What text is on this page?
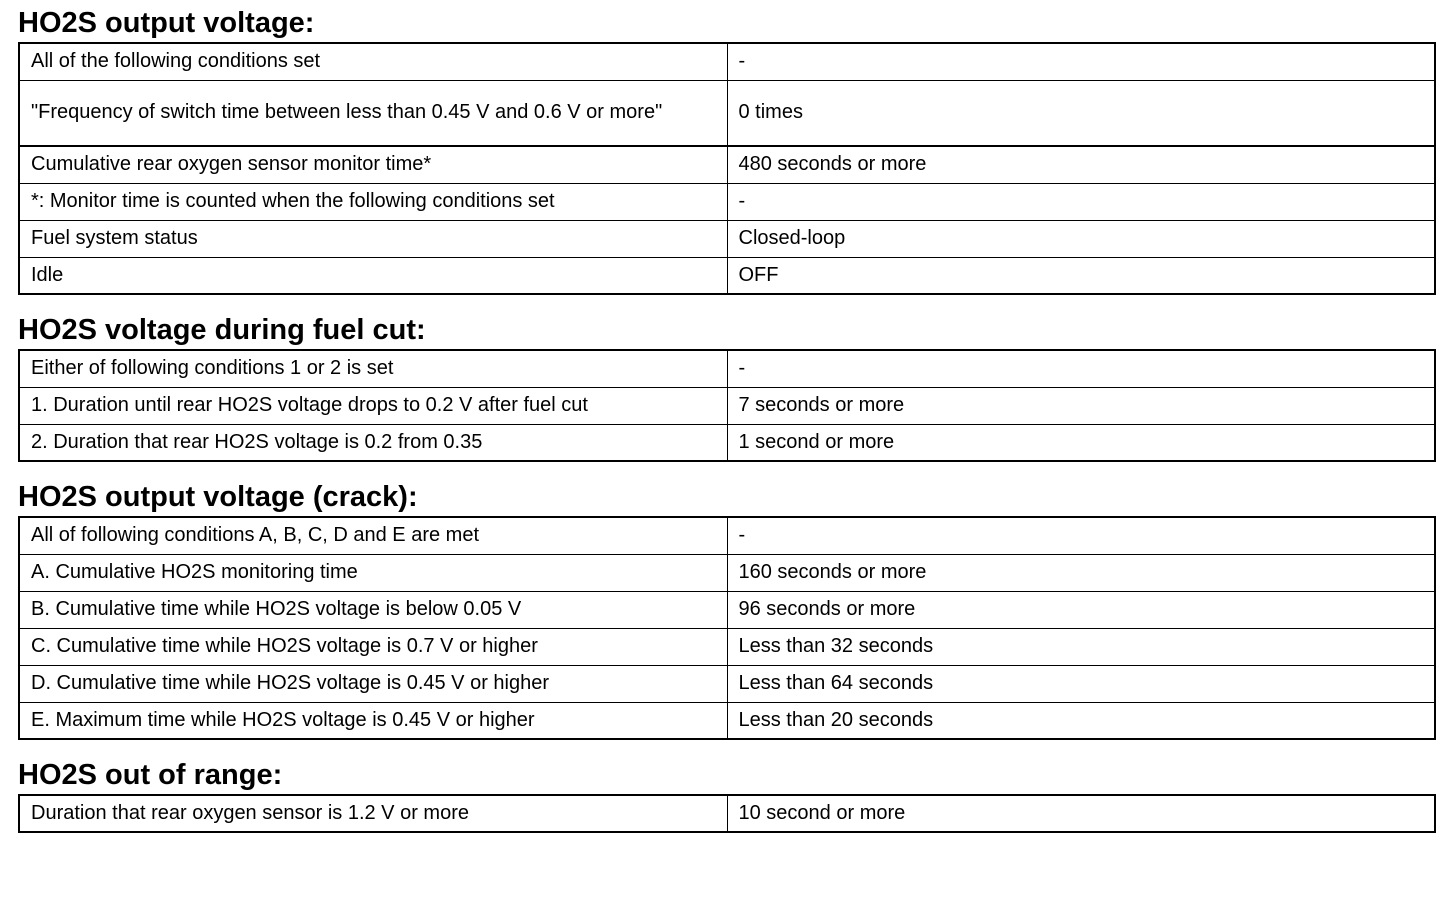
HO2S output voltage:
All of the following conditions set	-
"Frequency of switch time between less than 0.45 V and 0.6 V or more"	0 times
Cumulative rear oxygen sensor monitor time*	480 seconds or more
*: Monitor time is counted when the following conditions set	-
Fuel system status	Closed-loop
Idle	OFF
HO2S voltage during fuel cut:
Either of following conditions 1 or 2 is set	-
1. Duration until rear HO2S voltage drops to 0.2 V after fuel cut	7 seconds or more
2. Duration that rear HO2S voltage is 0.2 from 0.35	1 second or more
HO2S output voltage (crack):
All of following conditions A, B, C, D and E are met	-
A. Cumulative HO2S monitoring time	160 seconds or more
B. Cumulative time while HO2S voltage is below 0.05 V	96 seconds or more
C. Cumulative time while HO2S voltage is 0.7 V or higher	Less than 32 seconds
D. Cumulative time while HO2S voltage is 0.45 V or higher	Less than 64 seconds
E. Maximum time while HO2S voltage is 0.45 V or higher	Less than 20 seconds
HO2S out of range:
Duration that rear oxygen sensor is 1.2 V or more	10 second or more
